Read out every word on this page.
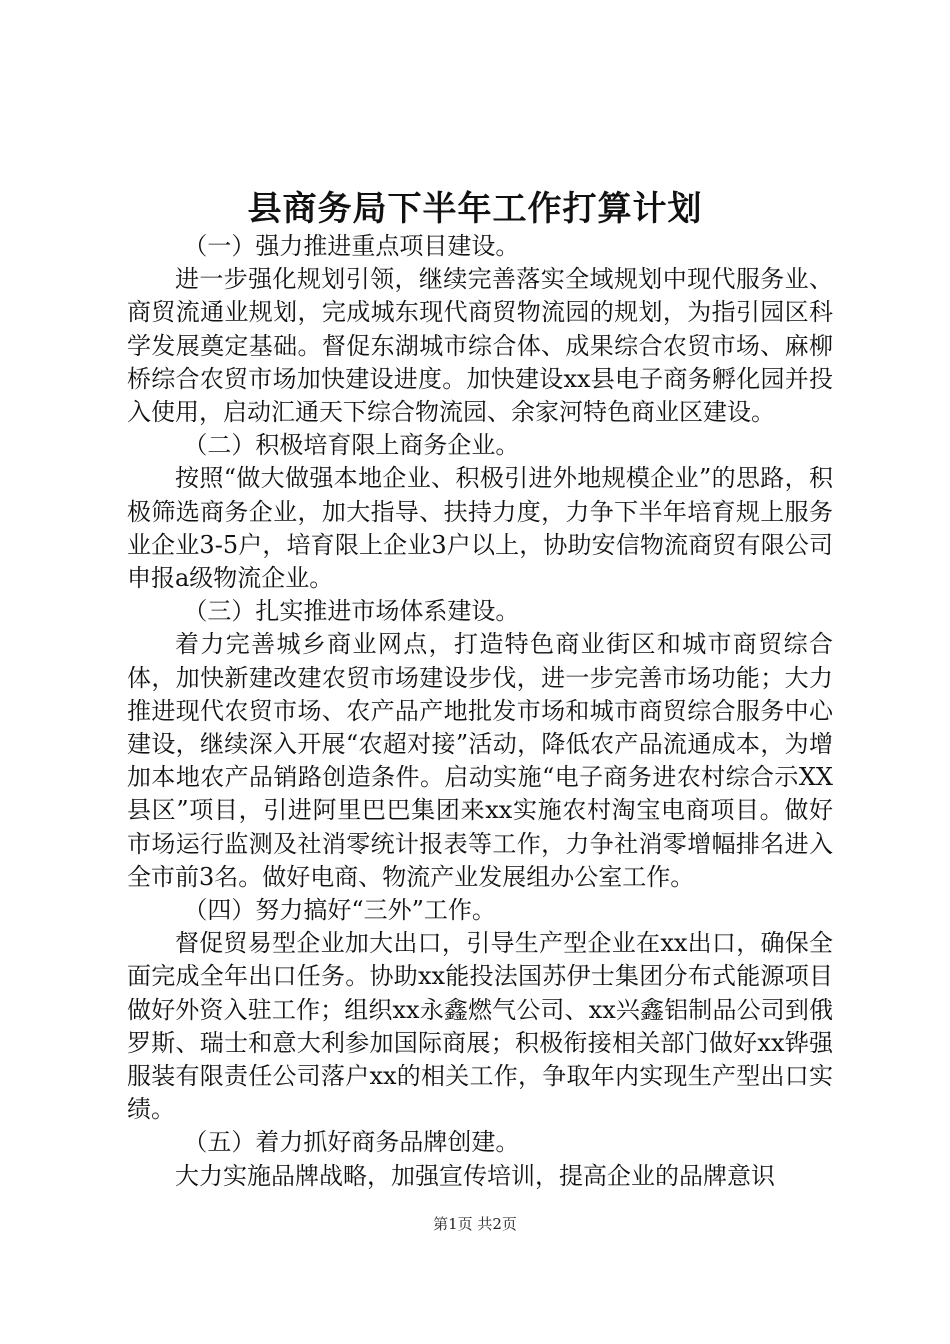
县商务局下半年工作打算计划

（一）强力推进重点项目建设。

进一步强化规划引领，继续完善落实全域规划中现代服务业、商贸流通业规划，完成城东现代商贸物流园的规划，为指引园区科学发展奠定基础。督促东湖城市综合体、成果综合农贸市场、麻柳桥综合农贸市场加快建设进度。加快建设xx县电子商务孵化园并投入使用，启动汇通天下综合物流园、余家河特色商业区建设。

（二）积极培育限上商务企业。

按照“做大做强本地企业、积极引进外地规模企业”的思路，积极筛选商务企业，加大指导、扶持力度，力争下半年培育规上服务业企业3-5户，培育限上企业3户以上，协助安信物流商贸有限公司申报a级物流企业。

（三）扎实推进市场体系建设。

着力完善城乡商业网点，打造特色商业街区和城市商贸综合体，加快新建改建农贸市场建设步伐，进一步完善市场功能；大力推进现代农贸市场、农产品产地批发市场和城市商贸综合服务中心建设，继续深入开展“农超对接”活动，降低农产品流通成本，为增加本地农产品销路创造条件。启动实施“电子商务进农村综合示XX县区”项目，引进阿里巴巴集团来xx实施农村淘宝电商项目。做好市场运行监测及社消零统计报表等工作，力争社消零增幅排名进入全市前3名。做好电商、物流产业发展组办公室工作。

（四）努力搞好“三外”工作。

督促贸易型企业加大出口，引导生产型企业在xx出口，确保全面完成全年出口任务。协助xx能投法国苏伊士集团分布式能源项目做好外资入驻工作；组织xx永鑫燃气公司、xx兴鑫铝制品公司到俄罗斯、瑞士和意大利参加国际商展；积极衔接相关部门做好xx铧强服装有限责任公司落户xx的相关工作，争取年内实现生产型出口实绩。

（五）着力抓好商务品牌创建。

大力实施品牌战略，加强宣传培训，提高企业的品牌意识

第1页 共2页
